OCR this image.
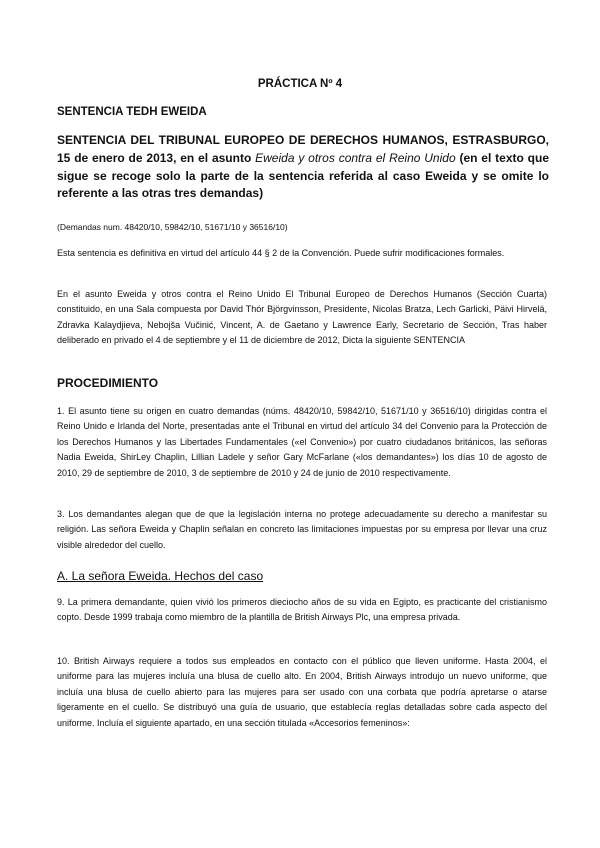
PRÁCTICA Nº 4
SENTENCIA TEDH EWEIDA

SENTENCIA DEL TRIBUNAL EUROPEO DE DERECHOS HUMANOS, ESTRASBURGO, 15 de enero de 2013, en el asunto Eweida y otros contra el Reino Unido (en el texto que sigue se recoge solo la parte de la sentencia referida al caso Eweida y se omite lo referente a las otras tres demandas)

(Demandas num. 48420/10, 59842/10, 51671/10 y 36516/10)

Esta sentencia es definitiva en virtud del artículo 44 § 2 de la Convención. Puede sufrir modificaciones formales.

En el asunto Eweida y otros contra el Reino Unido El Tribunal Europeo de Derechos Humanos (Sección Cuarta) constituido, en una Sala compuesta por David Thór Björgvinsson, Presidente, Nicolas Bratza, Lech Garlicki, Päivi Hirvelä, Zdravka Kalaydjieva, Nebojša Vučinić, Vincent, A. de Gaetano y Lawrence Early, Secretario de Sección, Tras haber deliberado en privado el 4 de septiembre y el 11 de diciembre de 2012, Dicta la siguiente SENTENCIA

PROCEDIMIENTO

1. El asunto tiene su origen en cuatro demandas (núms. 48420/10, 59842/10, 51671/10 y 36516/10) dirigidas contra el Reino Unido e Irlanda del Norte, presentadas ante el Tribunal en virtud del artículo 34 del Convenio para la Protección de los Derechos Humanos y las Libertades Fundamentales («el Convenio») por cuatro ciudadanos británicos, las señoras Nadia Eweida, ShirLey Chaplin, Lillian Ladele y señor Gary McFarlane («los demandantes») los días 10 de agosto de 2010, 29 de septiembre de 2010, 3 de septiembre de 2010 y 24 de junio de 2010 respectivamente.

3. Los demandantes alegan que de que la legislación interna no protege adecuadamente su derecho a manifestar su religión. Las señora Eweida y Chaplin señalan en concreto las limitaciones impuestas por su empresa por llevar una cruz visible alrededor del cuello.

A. La señora Eweida. Hechos del caso

9. La primera demandante, quien vivió los primeros dieciocho años de su vida en Egipto, es practicante del cristianismo copto. Desde 1999 trabaja como miembro de la plantilla de British Airways Plc, una empresa privada.

10. British Airways requiere a todos sus empleados en contacto con el público que lleven uniforme. Hasta 2004, el uniforme para las mujeres incluía una blusa de cuello alto. En 2004, British Airways introdujo un nuevo uniforme, que incluía una blusa de cuello abierto para las mujeres para ser usado con una corbata que podría apretarse o atarse ligeramente en el cuello. Se distribuyó una guía de usuario, que establecía reglas detalladas sobre cada aspecto del uniforme. Incluía el siguiente apartado, en una sección titulada «Accesorios femeninos»:
